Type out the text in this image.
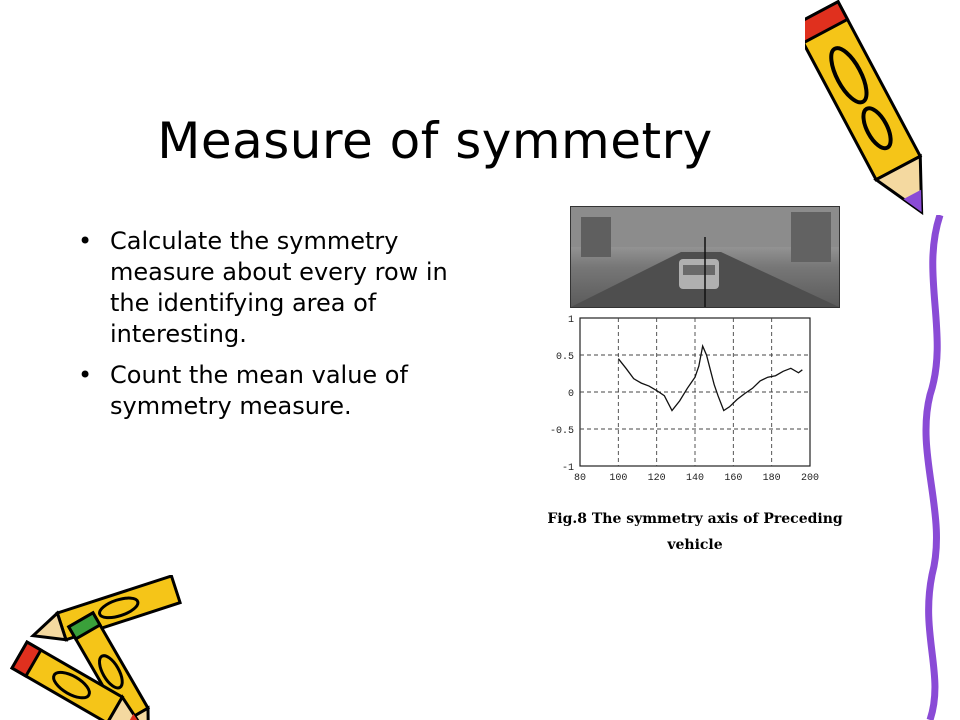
Measure of symmetry
• Calculate the symmetry measure about every row in the identifying area of interesting.
• Count the mean value of symmetry measure.
80 100 120 140 160 180 200
1
0.5
0
-0.5
-1
Fig.8 The symmetry axis of Preceding
vehicle
